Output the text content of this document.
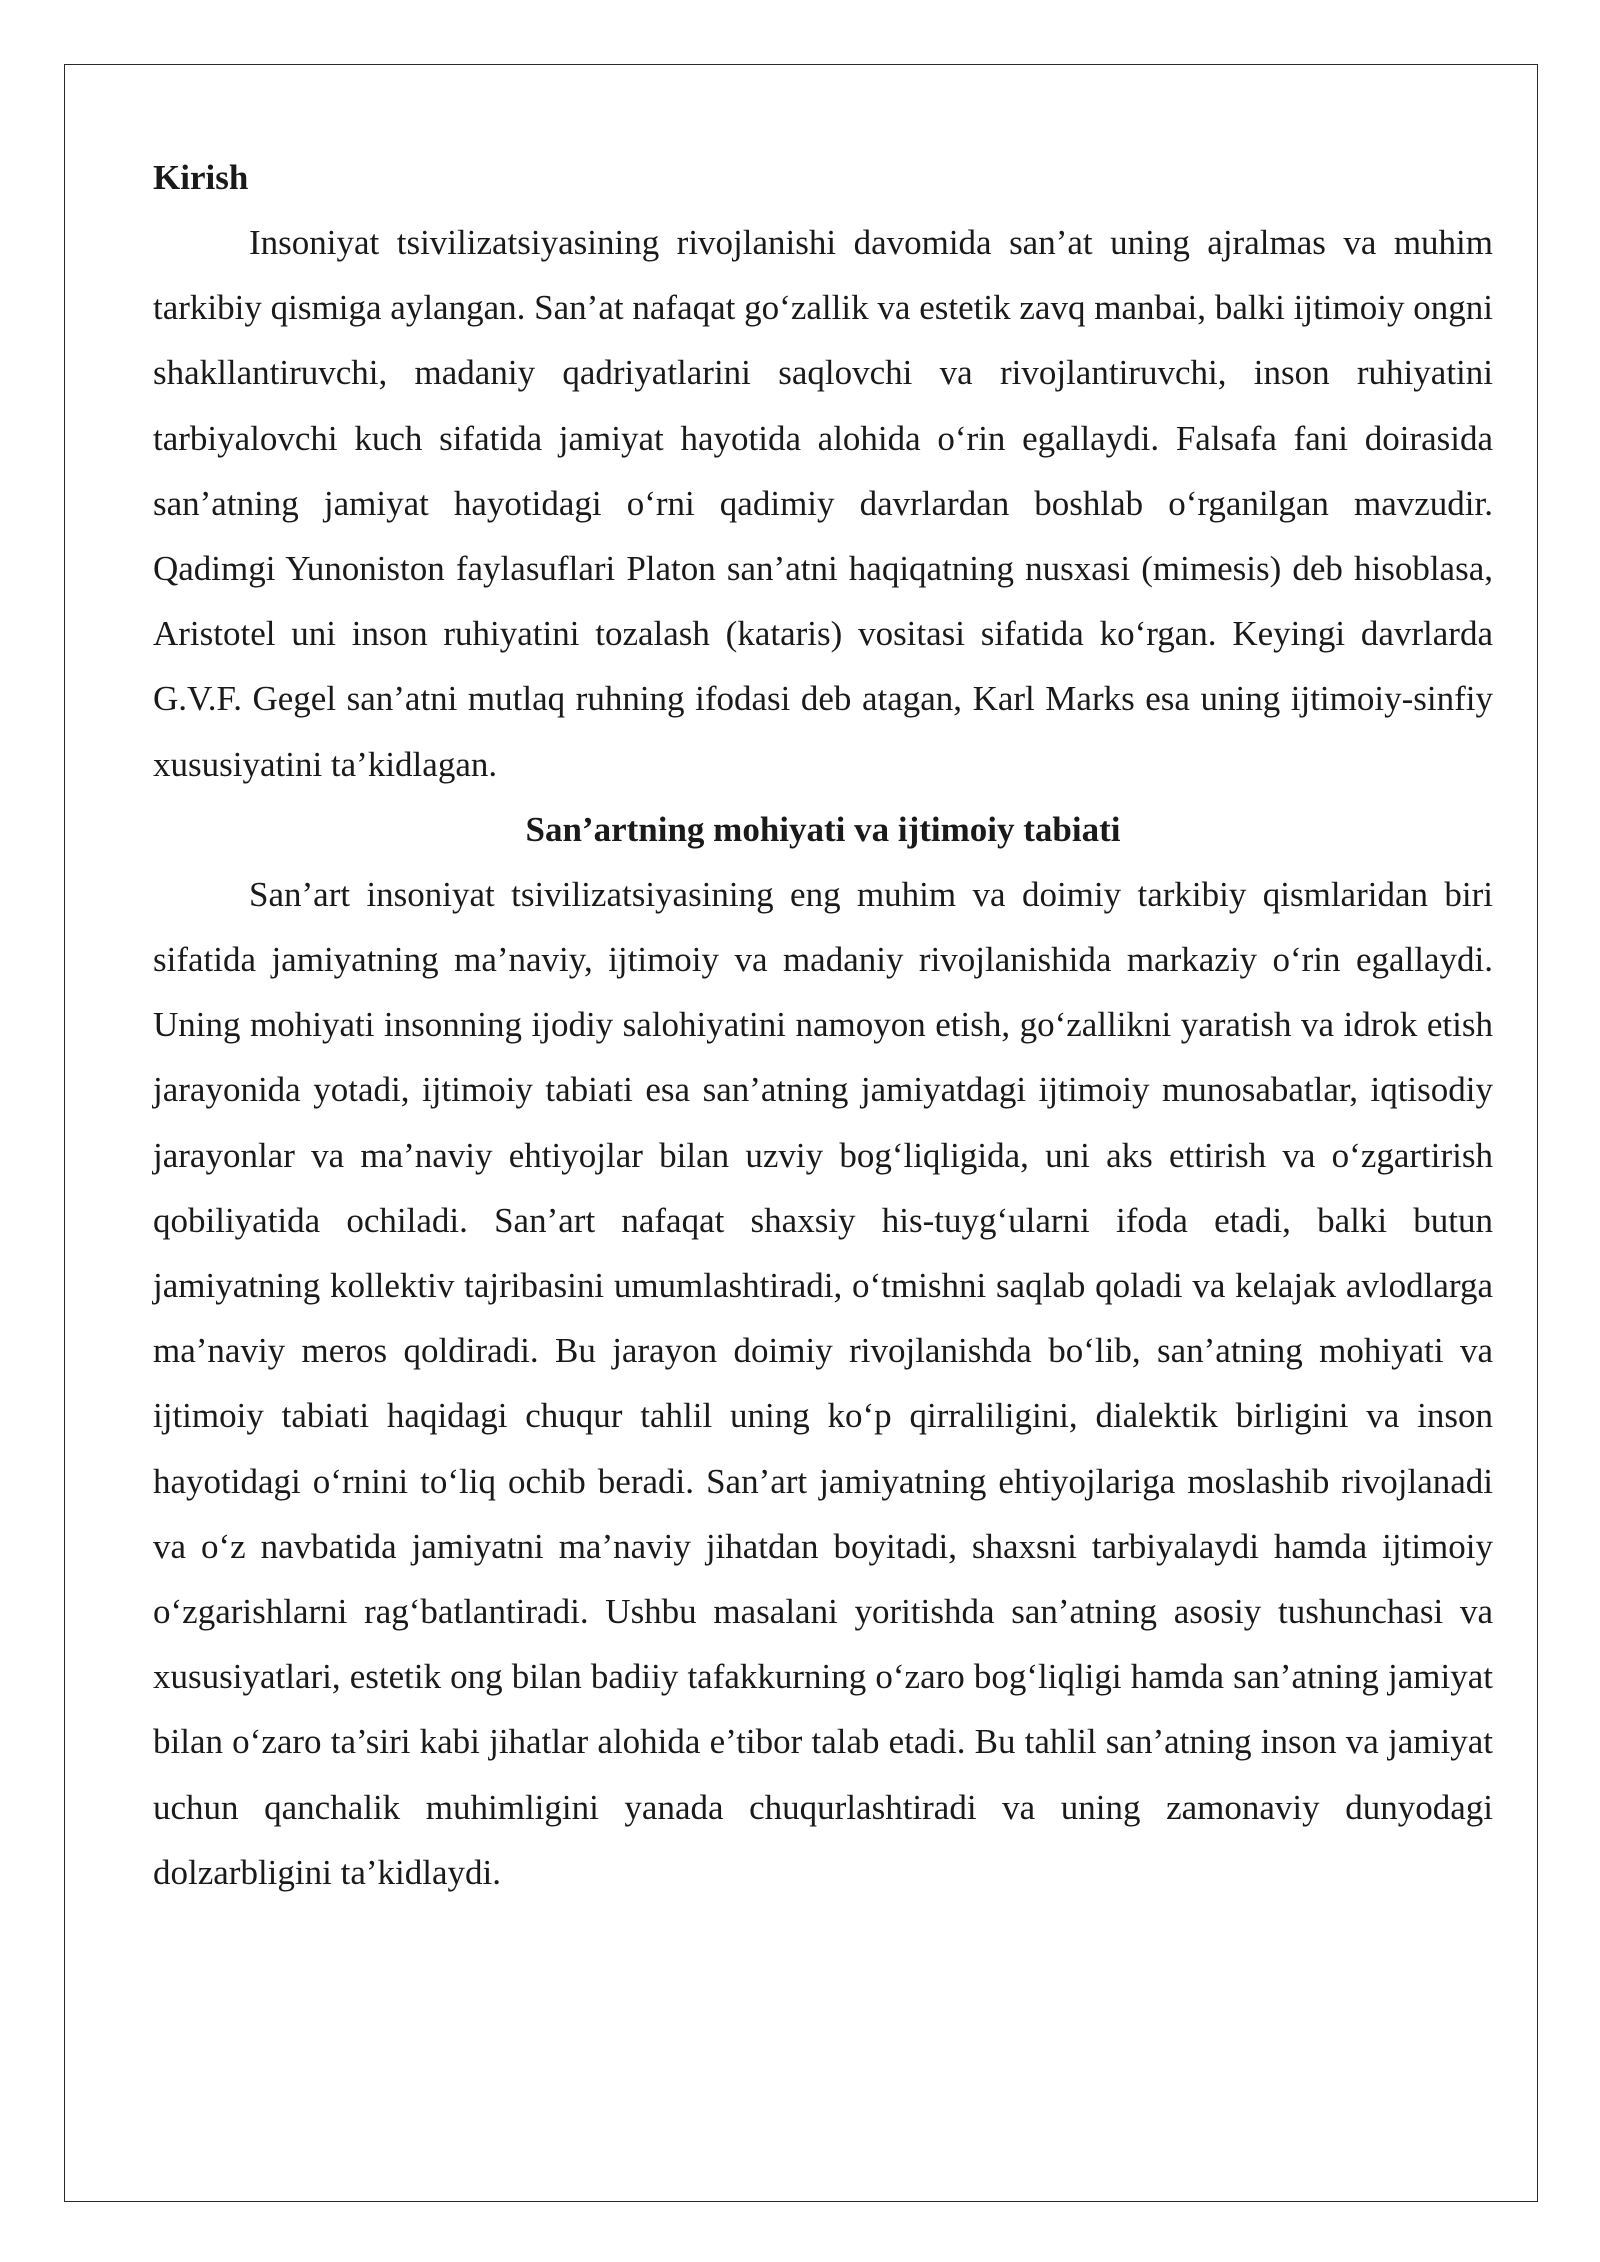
Kirish

Insoniyat tsivilizatsiyasining rivojlanishi davomida san’at uning ajralmas va muhim tarkibiy qismiga aylangan. San’at nafaqat go‘zallik va estetik zavq manbai, balki ijtimoiy ongni shakllantiruvchi, madaniy qadriyatlarini saqlovchi va rivojlantiruvchi, inson ruhiyatini tarbiyalovchi kuch sifatida jamiyat hayotida alohida o‘rin egallaydi. Falsafa fani doirasida san’atning jamiyat hayotidagi o‘rni qadimiy davrlardan boshlab o‘rganilgan mavzudir. Qadimgi Yunoniston faylasuflari Platon san’atni haqiqatning nusxasi (mimesis) deb hisoblasa, Aristotel uni inson ruhiyatini tozalash (kataris) vositasi sifatida ko‘rgan. Keyingi davrlarda G.V.F. Gegel san’atni mutlaq ruhning ifodasi deb atagan, Karl Marks esa uning ijtimoiy-sinfiy xususiyatini ta’kidlagan.

San’artning mohiyati va ijtimoiy tabiati

San’art insoniyat tsivilizatsiyasining eng muhim va doimiy tarkibiy qismlaridan biri sifatida jamiyatning ma’naviy, ijtimoiy va madaniy rivojlanishida markaziy o‘rin egallaydi. Uning mohiyati insonning ijodiy salohiyatini namoyon etish, go‘zallikni yaratish va idrok etish jarayonida yotadi, ijtimoiy tabiati esa san’atning jamiyatdagi ijtimoiy munosabatlar, iqtisodiy jarayonlar va ma’naviy ehtiyojlar bilan uzviy bog‘liqligida, uni aks ettirish va o‘zgartirish qobiliyatida ochiladi. San’art nafaqat shaxsiy his-tuyg‘ularni ifoda etadi, balki butun jamiyatning kollektiv tajribasini umumlashtiradi, o‘tmishni saqlab qoladi va kelajak avlodlarga ma’naviy meros qoldiradi. Bu jarayon doimiy rivojlanishda bo‘lib, san’atning mohiyati va ijtimoiy tabiati haqidagi chuqur tahlil uning ko‘p qirraliligini, dialektik birligini va inson hayotidagi o‘rnini to‘liq ochib beradi. San’art jamiyatning ehtiyojlariga moslashib rivojlanadi va o‘z navbatida jamiyatni ma’naviy jihatdan boyitadi, shaxsni tarbiyalaydi hamda ijtimoiy o‘zgarishlarni rag‘batlantiradi. Ushbu masalani yoritishda san’atning asosiy tushunchasi va xususiyatlari, estetik ong bilan badiiy tafakkurning o‘zaro bog‘liqligi hamda san’atning jamiyat bilan o‘zaro ta’siri kabi jihatlar alohida e’tibor talab etadi. Bu tahlil san’atning inson va jamiyat uchun qanchalik muhimligini yanada chuqurlashtiradi va uning zamonaviy dunyodagi dolzarbligini ta’kidlaydi.
